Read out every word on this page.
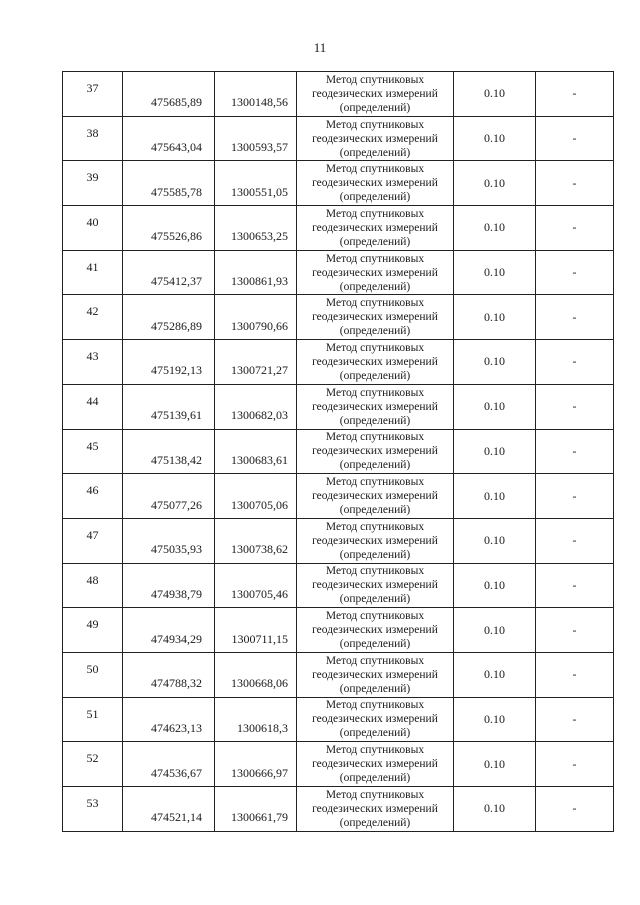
11
37	475685,89	1300148,56	Метод спутниковых геодезических измерений (определений)	0.10	-
38	475643,04	1300593,57	Метод спутниковых геодезических измерений (определений)	0.10	-
39	475585,78	1300551,05	Метод спутниковых геодезических измерений (определений)	0.10	-
40	475526,86	1300653,25	Метод спутниковых геодезических измерений (определений)	0.10	-
41	475412,37	1300861,93	Метод спутниковых геодезических измерений (определений)	0.10	-
42	475286,89	1300790,66	Метод спутниковых геодезических измерений (определений)	0.10	-
43	475192,13	1300721,27	Метод спутниковых геодезических измерений (определений)	0.10	-
44	475139,61	1300682,03	Метод спутниковых геодезических измерений (определений)	0.10	-
45	475138,42	1300683,61	Метод спутниковых геодезических измерений (определений)	0.10	-
46	475077,26	1300705,06	Метод спутниковых геодезических измерений (определений)	0.10	-
47	475035,93	1300738,62	Метод спутниковых геодезических измерений (определений)	0.10	-
48	474938,79	1300705,46	Метод спутниковых геодезических измерений (определений)	0.10	-
49	474934,29	1300711,15	Метод спутниковых геодезических измерений (определений)	0.10	-
50	474788,32	1300668,06	Метод спутниковых геодезических измерений (определений)	0.10	-
51	474623,13	1300618,3	Метод спутниковых геодезических измерений (определений)	0.10	-
52	474536,67	1300666,97	Метод спутниковых геодезических измерений (определений)	0.10	-
53	474521,14	1300661,79	Метод спутниковых геодезических измерений (определений)	0.10	-
